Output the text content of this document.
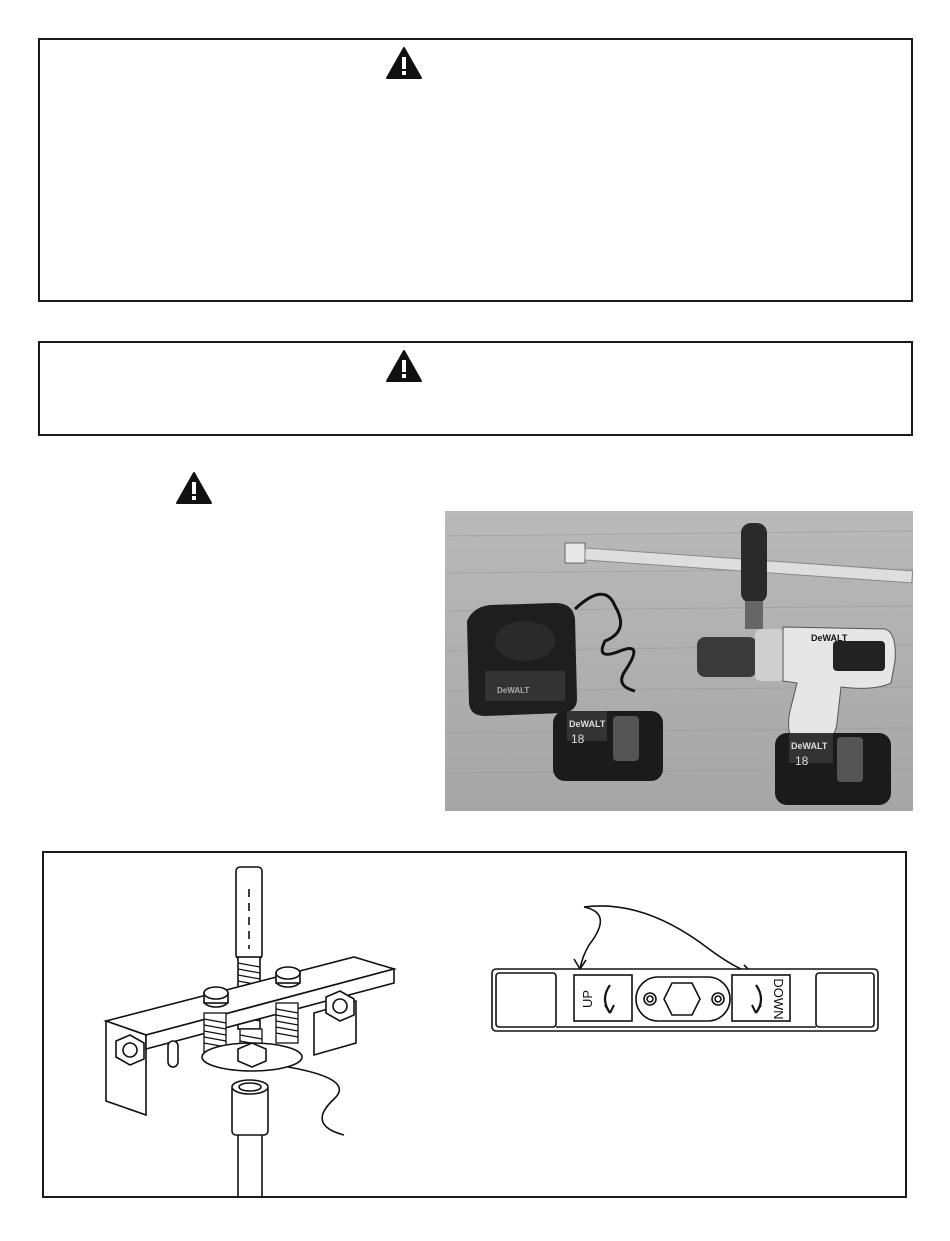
DeWALT
DeWALT
18
DeWALT
DeWALT
18
UP	DOWN
